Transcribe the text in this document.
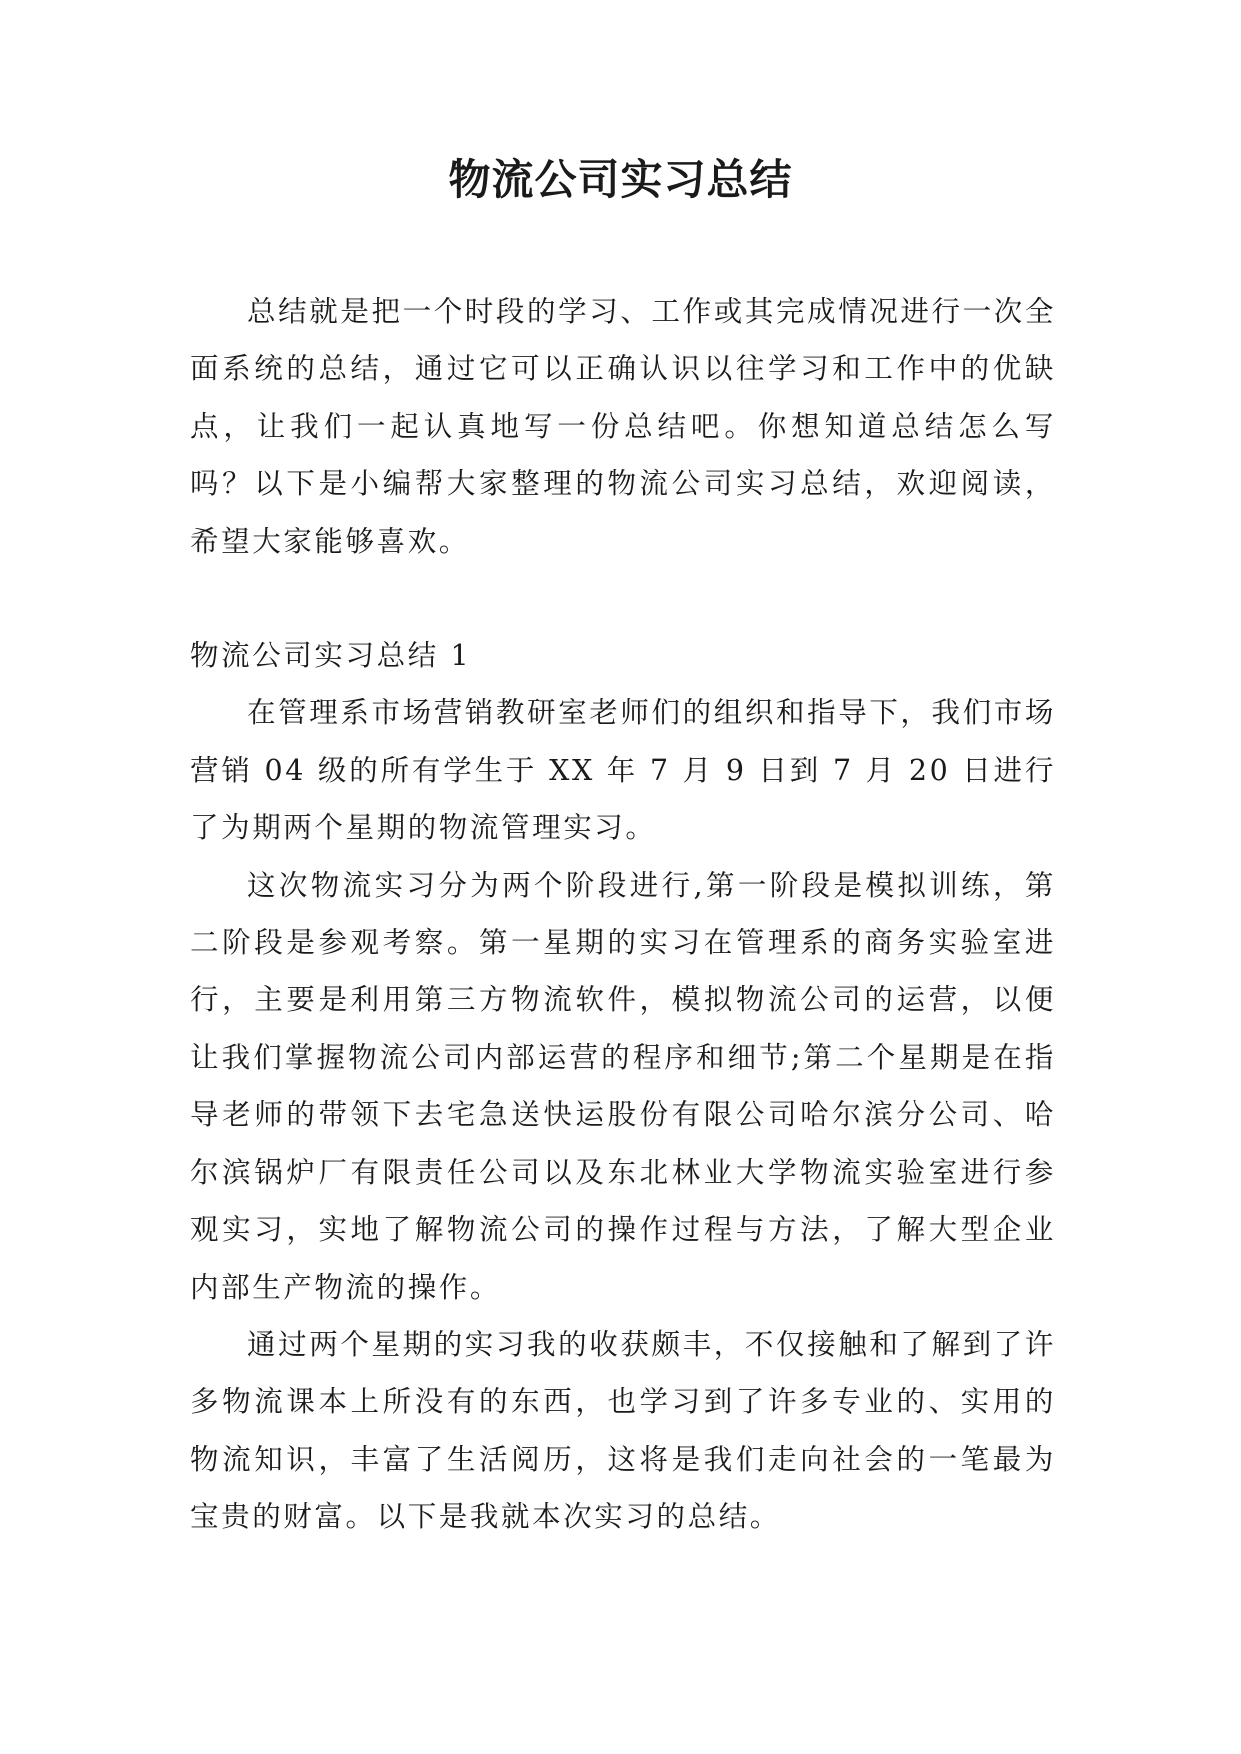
物流公司实习总结

总结就是把一个时段的学习、工作或其完成情况进行一次全面系统的总结，通过它可以正确认识以往学习和工作中的优缺点，让我们一起认真地写一份总结吧。你想知道总结怎么写吗？以下是小编帮大家整理的物流公司实习总结，欢迎阅读，希望大家能够喜欢。

物流公司实习总结 1

在管理系市场营销教研室老师们的组织和指导下，我们市场营销 04 级的所有学生于 XX 年 7 月 9 日到 7 月 20 日进行了为期两个星期的物流管理实习。

这次物流实习分为两个阶段进行,第一阶段是模拟训练，第二阶段是参观考察。第一星期的实习在管理系的商务实验室进行，主要是利用第三方物流软件，模拟物流公司的运营，以便让我们掌握物流公司内部运营的程序和细节;第二个星期是在指导老师的带领下去宅急送快运股份有限公司哈尔滨分公司、哈尔滨锅炉厂有限责任公司以及东北林业大学物流实验室进行参观实习，实地了解物流公司的操作过程与方法，了解大型企业内部生产物流的操作。

通过两个星期的实习我的收获颇丰，不仅接触和了解到了许多物流课本上所没有的东西，也学习到了许多专业的、实用的物流知识，丰富了生活阅历，这将是我们走向社会的一笔最为宝贵的财富。以下是我就本次实习的总结。
